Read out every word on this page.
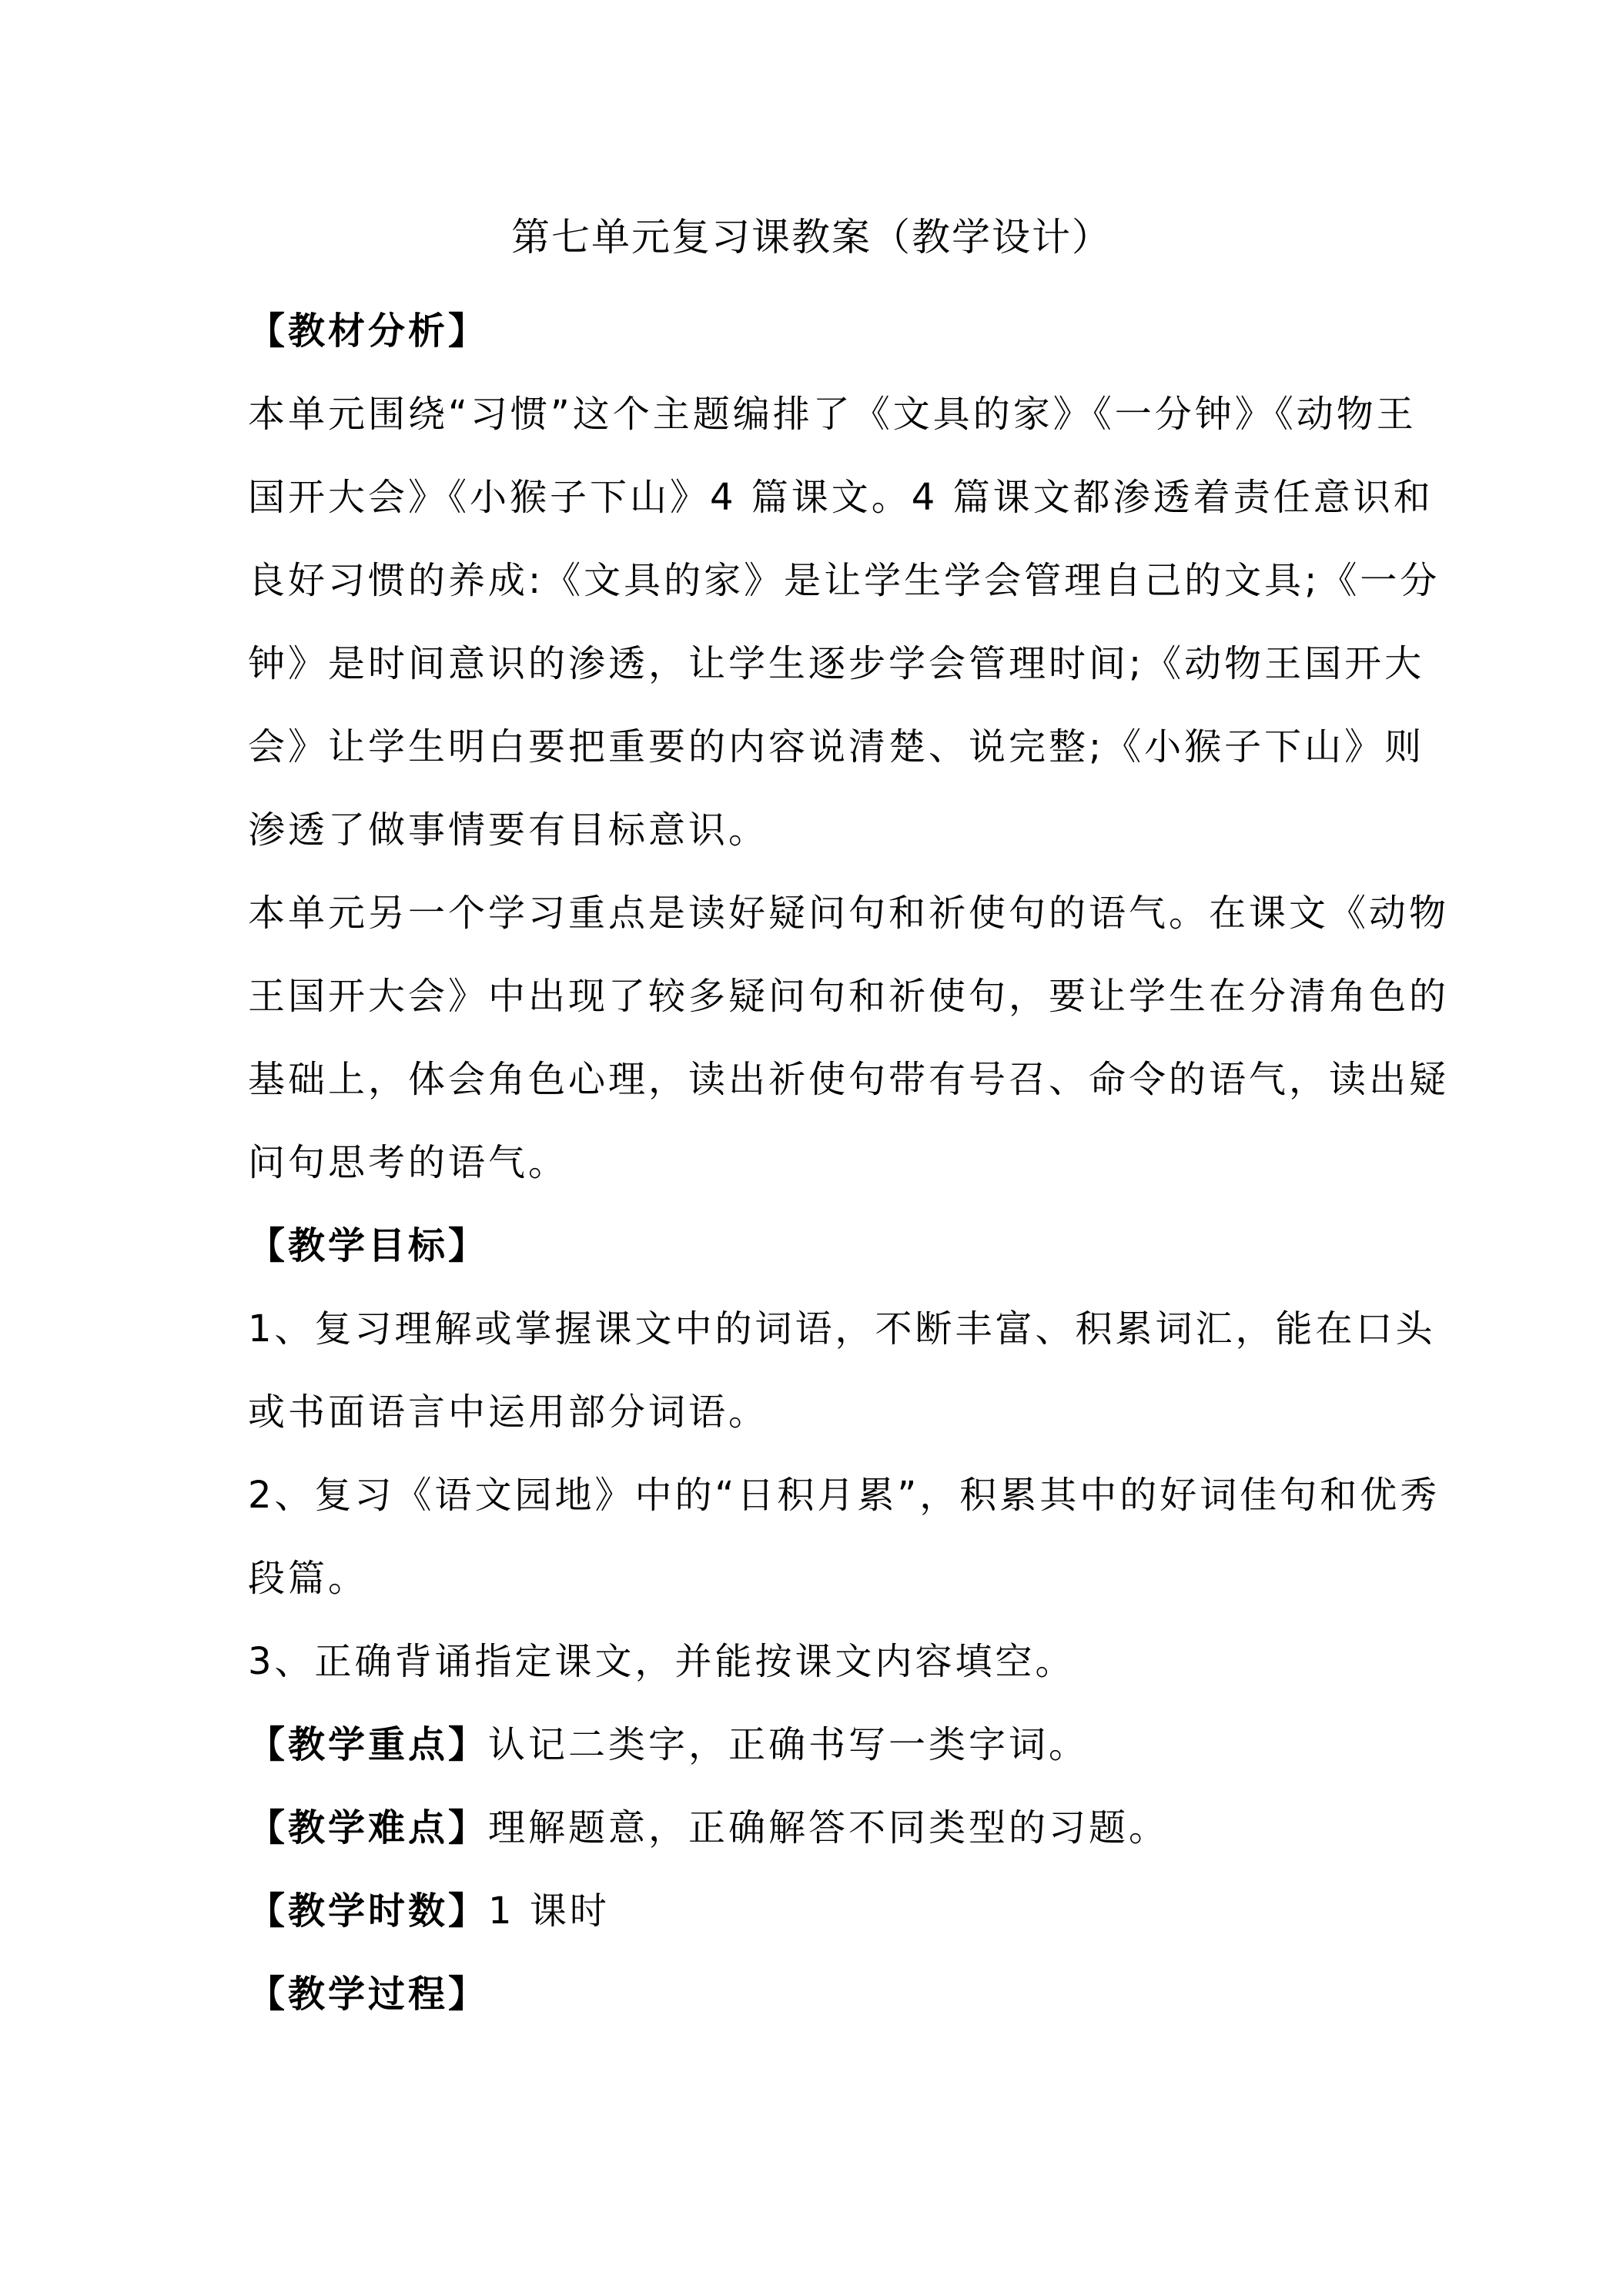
第七单元复习课教案（教学设计）
【教材分析】
本单元围绕“习惯”这个主题编排了《文具的家》《一分钟》《动物王
国开大会》《小猴子下山》4 篇课文。4 篇课文都渗透着责任意识和
良好习惯的养成:《文具的家》是让学生学会管理自己的文具;《一分
钟》是时间意识的渗透，让学生逐步学会管理时间;《动物王国开大
会》让学生明白要把重要的内容说清楚、说完整;《小猴子下山》则
渗透了做事情要有目标意识。
本单元另一个学习重点是读好疑问句和祈使句的语气。在课文《动物
王国开大会》中出现了较多疑问句和祈使句，要让学生在分清角色的
基础上，体会角色心理，读出祈使句带有号召、命令的语气，读出疑
问句思考的语气。
【教学目标】
1、复习理解或掌握课文中的词语，不断丰富、积累词汇，能在口头
或书面语言中运用部分词语。
2、复习《语文园地》中的“日积月累”，积累其中的好词佳句和优秀
段篇。
3、正确背诵指定课文，并能按课文内容填空。
【教学重点】认记二类字，正确书写一类字词。
【教学难点】理解题意，正确解答不同类型的习题。
【教学时数】1 课时
【教学过程】
